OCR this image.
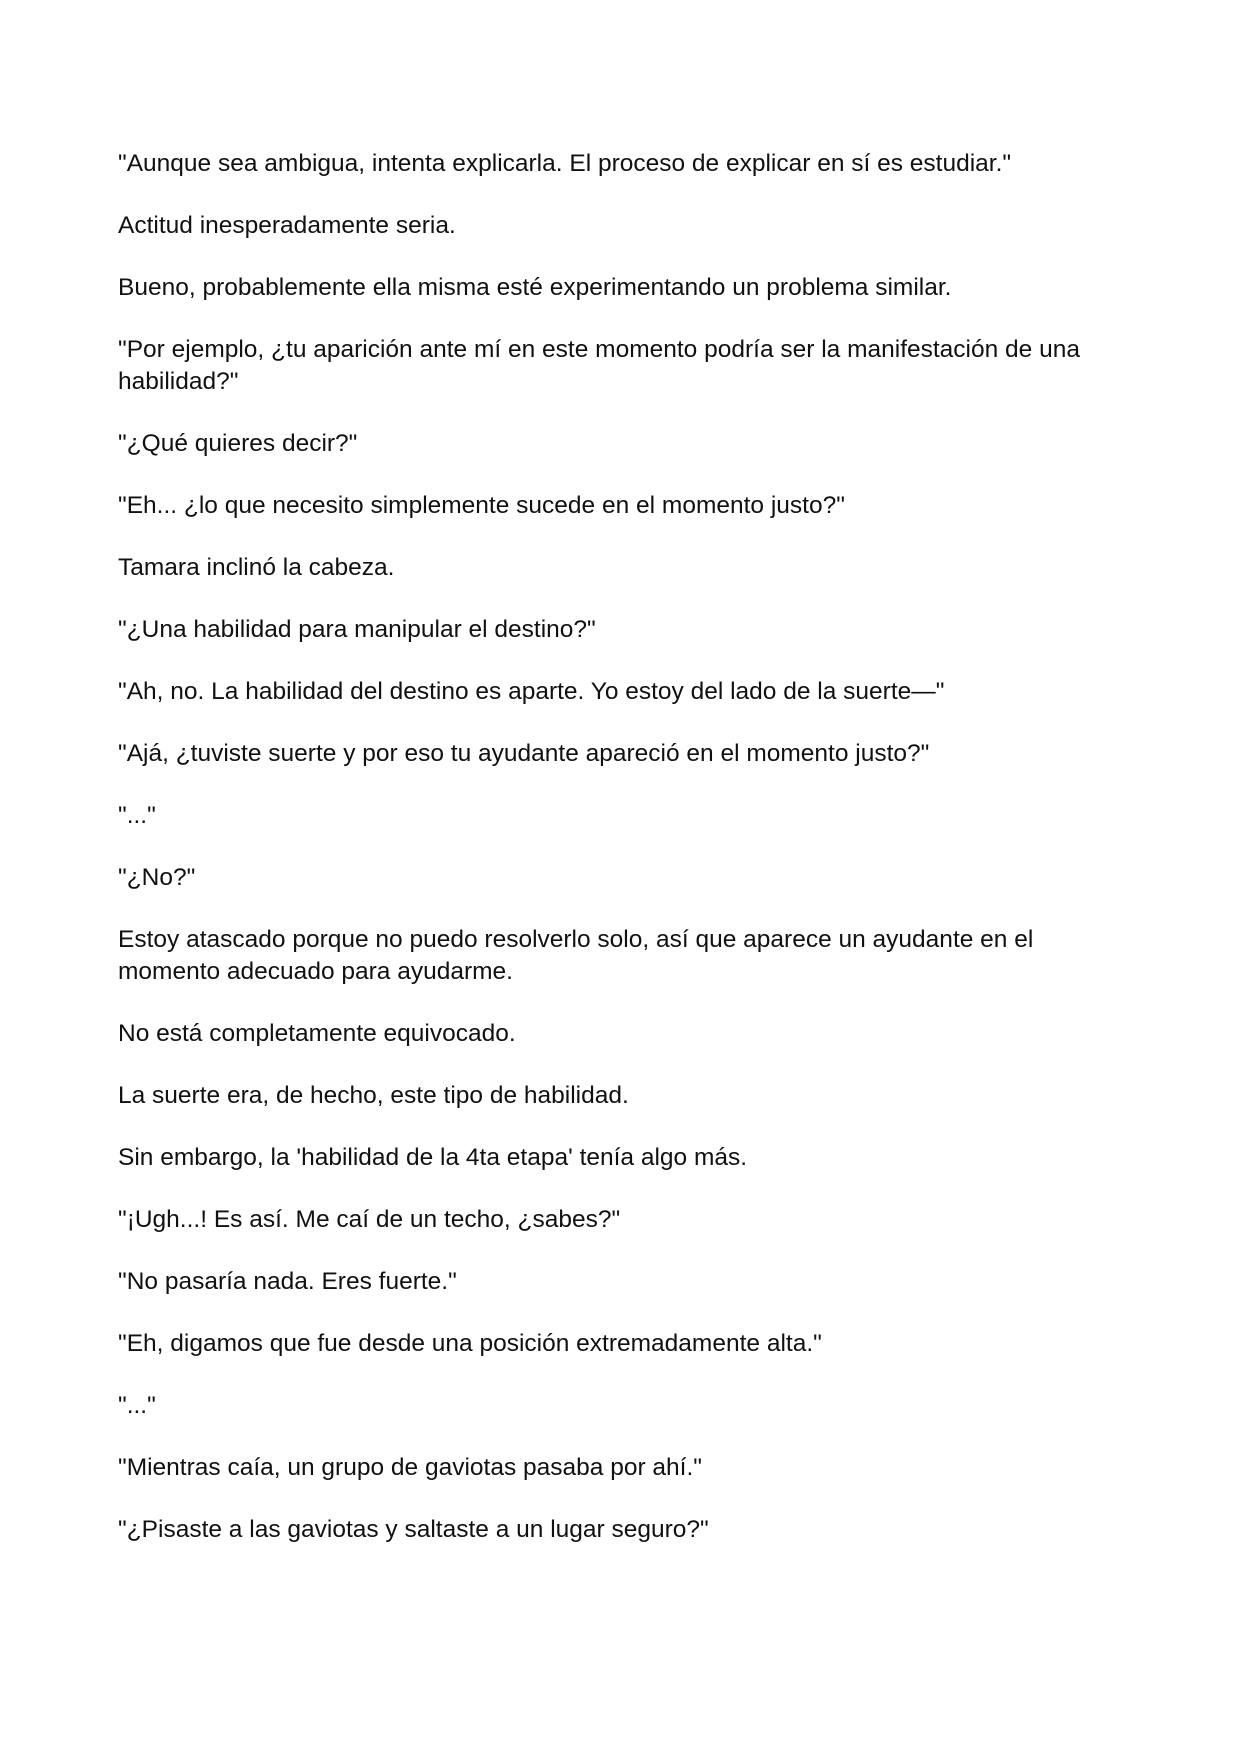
"Aunque sea ambigua, intenta explicarla. El proceso de explicar en sí es estudiar."

Actitud inesperadamente seria.

Bueno, probablemente ella misma esté experimentando un problema similar.

"Por ejemplo, ¿tu aparición ante mí en este momento podría ser la manifestación de una habilidad?"

"¿Qué quieres decir?"

"Eh... ¿lo que necesito simplemente sucede en el momento justo?"

Tamara inclinó la cabeza.

"¿Una habilidad para manipular el destino?"

"Ah, no. La habilidad del destino es aparte. Yo estoy del lado de la suerte—"

"Ajá, ¿tuviste suerte y por eso tu ayudante apareció en el momento justo?"

"..."

"¿No?"

Estoy atascado porque no puedo resolverlo solo, así que aparece un ayudante en el momento adecuado para ayudarme.

No está completamente equivocado.

La suerte era, de hecho, este tipo de habilidad.

Sin embargo, la 'habilidad de la 4ta etapa' tenía algo más.

"¡Ugh...! Es así. Me caí de un techo, ¿sabes?"

"No pasaría nada. Eres fuerte."

"Eh, digamos que fue desde una posición extremadamente alta."

"..."

"Mientras caía, un grupo de gaviotas pasaba por ahí."

"¿Pisaste a las gaviotas y saltaste a un lugar seguro?"
